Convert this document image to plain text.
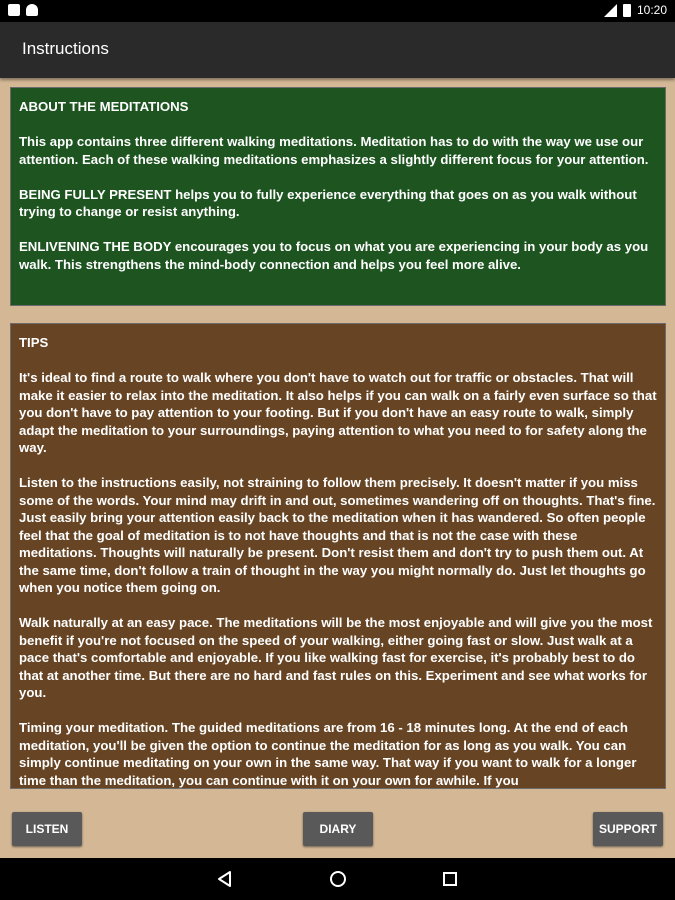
10:20
Instructions
ABOUT THE MEDITATIONS

This app contains three different walking meditations. Meditation has to do with the way we use our attention. Each of these walking meditations emphasizes a slightly different focus for your attention.

BEING FULLY PRESENT helps you to fully experience everything that goes on as you walk without trying to change or resist anything.

ENLIVENING THE BODY encourages you to focus on what you are experiencing in your body as you walk. This strengthens the mind-body connection and helps you feel more alive.

TIPS

It's ideal to find a route to walk where you don't have to watch out for traffic or obstacles. That will make it easier to relax into the meditation. It also helps if you can walk on a fairly even surface so that you don't have to pay attention to your footing. But if you don't have an easy route to walk, simply adapt the meditation to your surroundings, paying attention to what you need to for safety along the way.

Listen to the instructions easily, not straining to follow them precisely. It doesn't matter if you miss some of the words. Your mind may drift in and out, sometimes wandering off on thoughts. That's fine. Just easily bring your attention easily back to the meditation when it has wandered. So often people feel that the goal of meditation is to not have thoughts and that is not the case with these meditations. Thoughts will naturally be present. Don't resist them and don't try to push them out. At the same time, don't follow a train of thought in the way you might normally do. Just let thoughts go when you notice them going on.

Walk naturally at an easy pace. The meditations will be the most enjoyable and will give you the most benefit if you're not focused on the speed of your walking, either going fast or slow. Just walk at a pace that's comfortable and enjoyable. If you like walking fast for exercise, it's probably best to do that at another time. But there are no hard and fast rules on this. Experiment and see what works for you.

Timing your meditation. The guided meditations are from 16 - 18 minutes long. At the end of each meditation, you'll be given the option to continue the meditation for as long as you walk. You can simply continue meditating on your own in the same way. That way if you want to walk for a longer time than the meditation, you can continue with it on your own for awhile. If you

LISTEN	DIARY	SUPPORT
